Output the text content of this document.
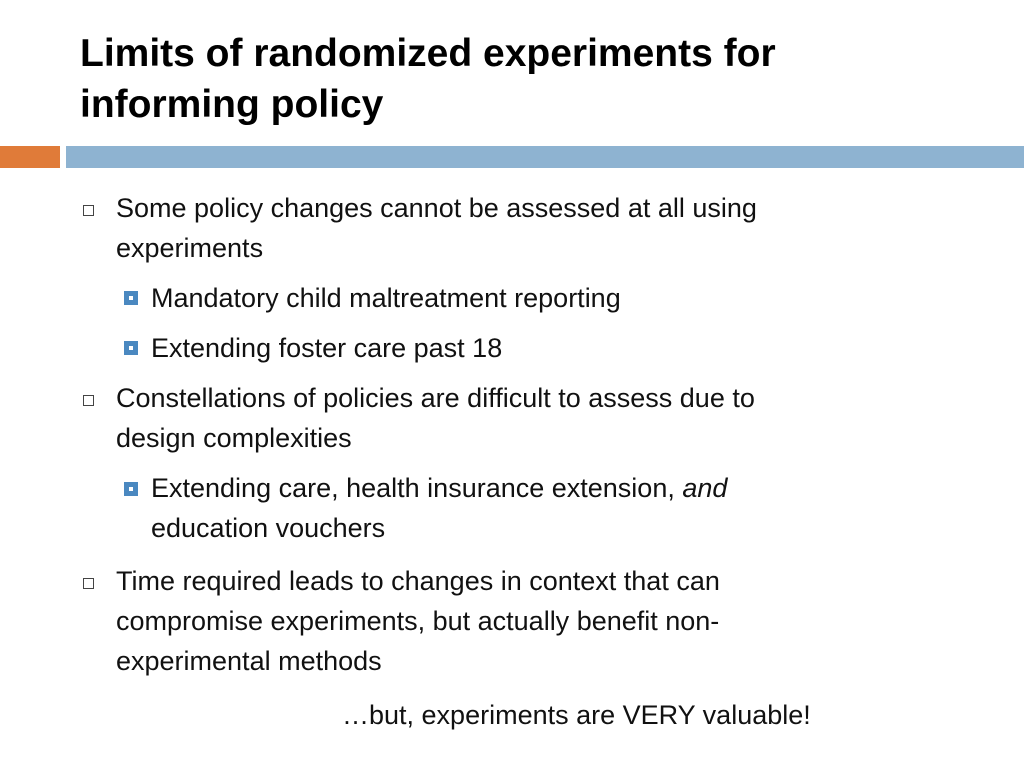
Limits of randomized experiments for
informing policy
Some policy changes cannot be assessed at all using
experiments
Mandatory child maltreatment reporting
Extending foster care past 18
Constellations of policies are difficult to assess due to
design complexities
Extending care, health insurance extension, and
education vouchers
Time required leads to changes in context that can
compromise experiments, but actually benefit non-
experimental methods
…but, experiments are VERY valuable!
